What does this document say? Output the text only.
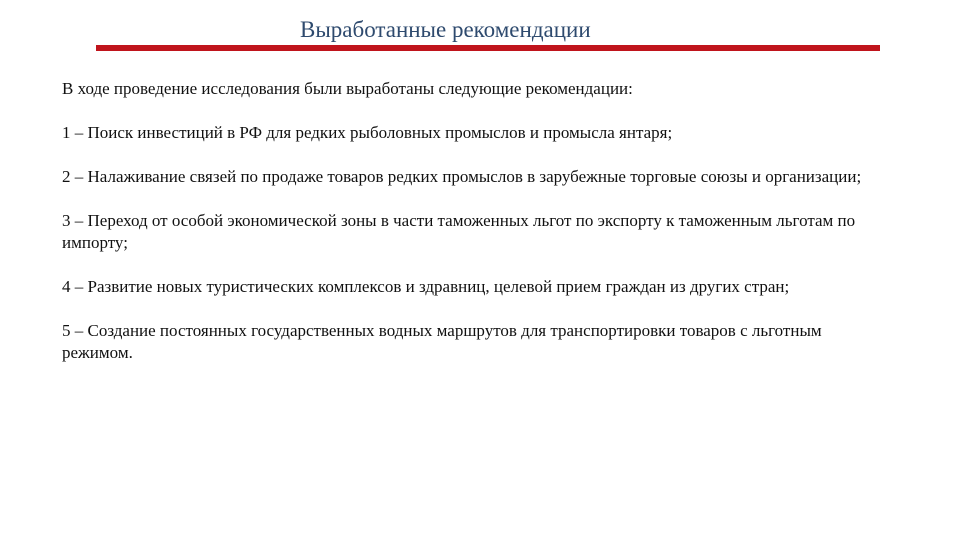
Выработанные рекомендации

В ходе проведение исследования были выработаны следующие рекомендации:

1 – Поиск инвестиций в РФ для редких рыболовных промыслов и промысла янтаря;

2 – Налаживание связей по продаже товаров редких промыслов в зарубежные торговые союзы и организации;

3 – Переход от особой экономической зоны в части таможенных льгот по экспорту к таможенным льготам по импорту;

4 – Развитие новых туристических комплексов и здравниц, целевой прием граждан из других стран;

5 – Создание постоянных государственных водных маршрутов для транспортировки товаров с льготным режимом.
